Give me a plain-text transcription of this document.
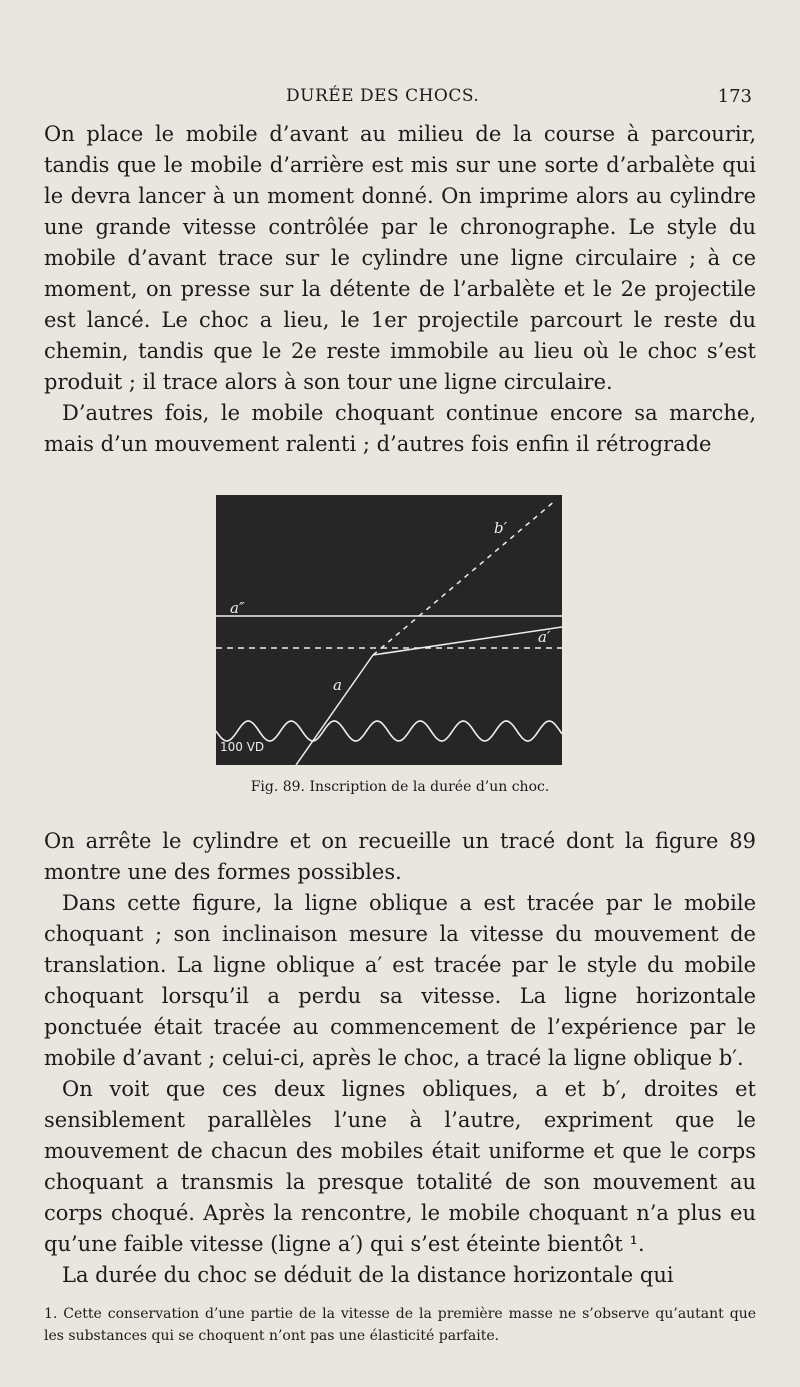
DURÉE DES CHOCS.	173

On place le mobile d’avant au milieu de la course à parcourir, tandis que le mobile d’arrière est mis sur une sorte d’arbalète qui le devra lancer à un moment donné. On imprime alors au cylindre une grande vitesse contrôlée par le chronographe. Le style du mobile d’avant trace sur le cylindre une ligne circulaire ; à ce moment, on presse sur la détente de l’arbalète et le 2e projectile est lancé. Le choc a lieu, le 1er projectile parcourt le reste du chemin, tandis que le 2e reste immobile au lieu où le choc s’est produit ; il trace alors à son tour une ligne circulaire.

D’autres fois, le mobile choquant continue encore sa marche, mais d’un mouvement ralenti ; d’autres fois enfin il rétrograde

a″
b′
a′
a
100 VD
Fig. 89. Inscription de la durée d’un choc.

On arrête le cylindre et on recueille un tracé dont la figure 89 montre une des formes possibles.

Dans cette figure, la ligne oblique a est tracée par le mobile choquant ; son inclinaison mesure la vitesse du mouvement de translation. La ligne oblique a′ est tracée par le style du mobile choquant lorsqu’il a perdu sa vitesse. La ligne horizontale ponctuée était tracée au commencement de l’expérience par le mobile d’avant ; celui-ci, après le choc, a tracé la ligne oblique b′.

On voit que ces deux lignes obliques, a et b′, droites et sensiblement parallèles l’une à l’autre, expriment que le mouvement de chacun des mobiles était uniforme et que le corps choquant a transmis la presque totalité de son mouvement au corps choqué. Après la rencontre, le mobile choquant n’a plus eu qu’une faible vitesse (ligne a′) qui s’est éteinte bientôt ¹.

La durée du choc se déduit de la distance horizontale qui

1. Cette conservation d’une partie de la vitesse de la première masse ne s’observe qu’autant que les substances qui se choquent n’ont pas une élasticité parfaite.
